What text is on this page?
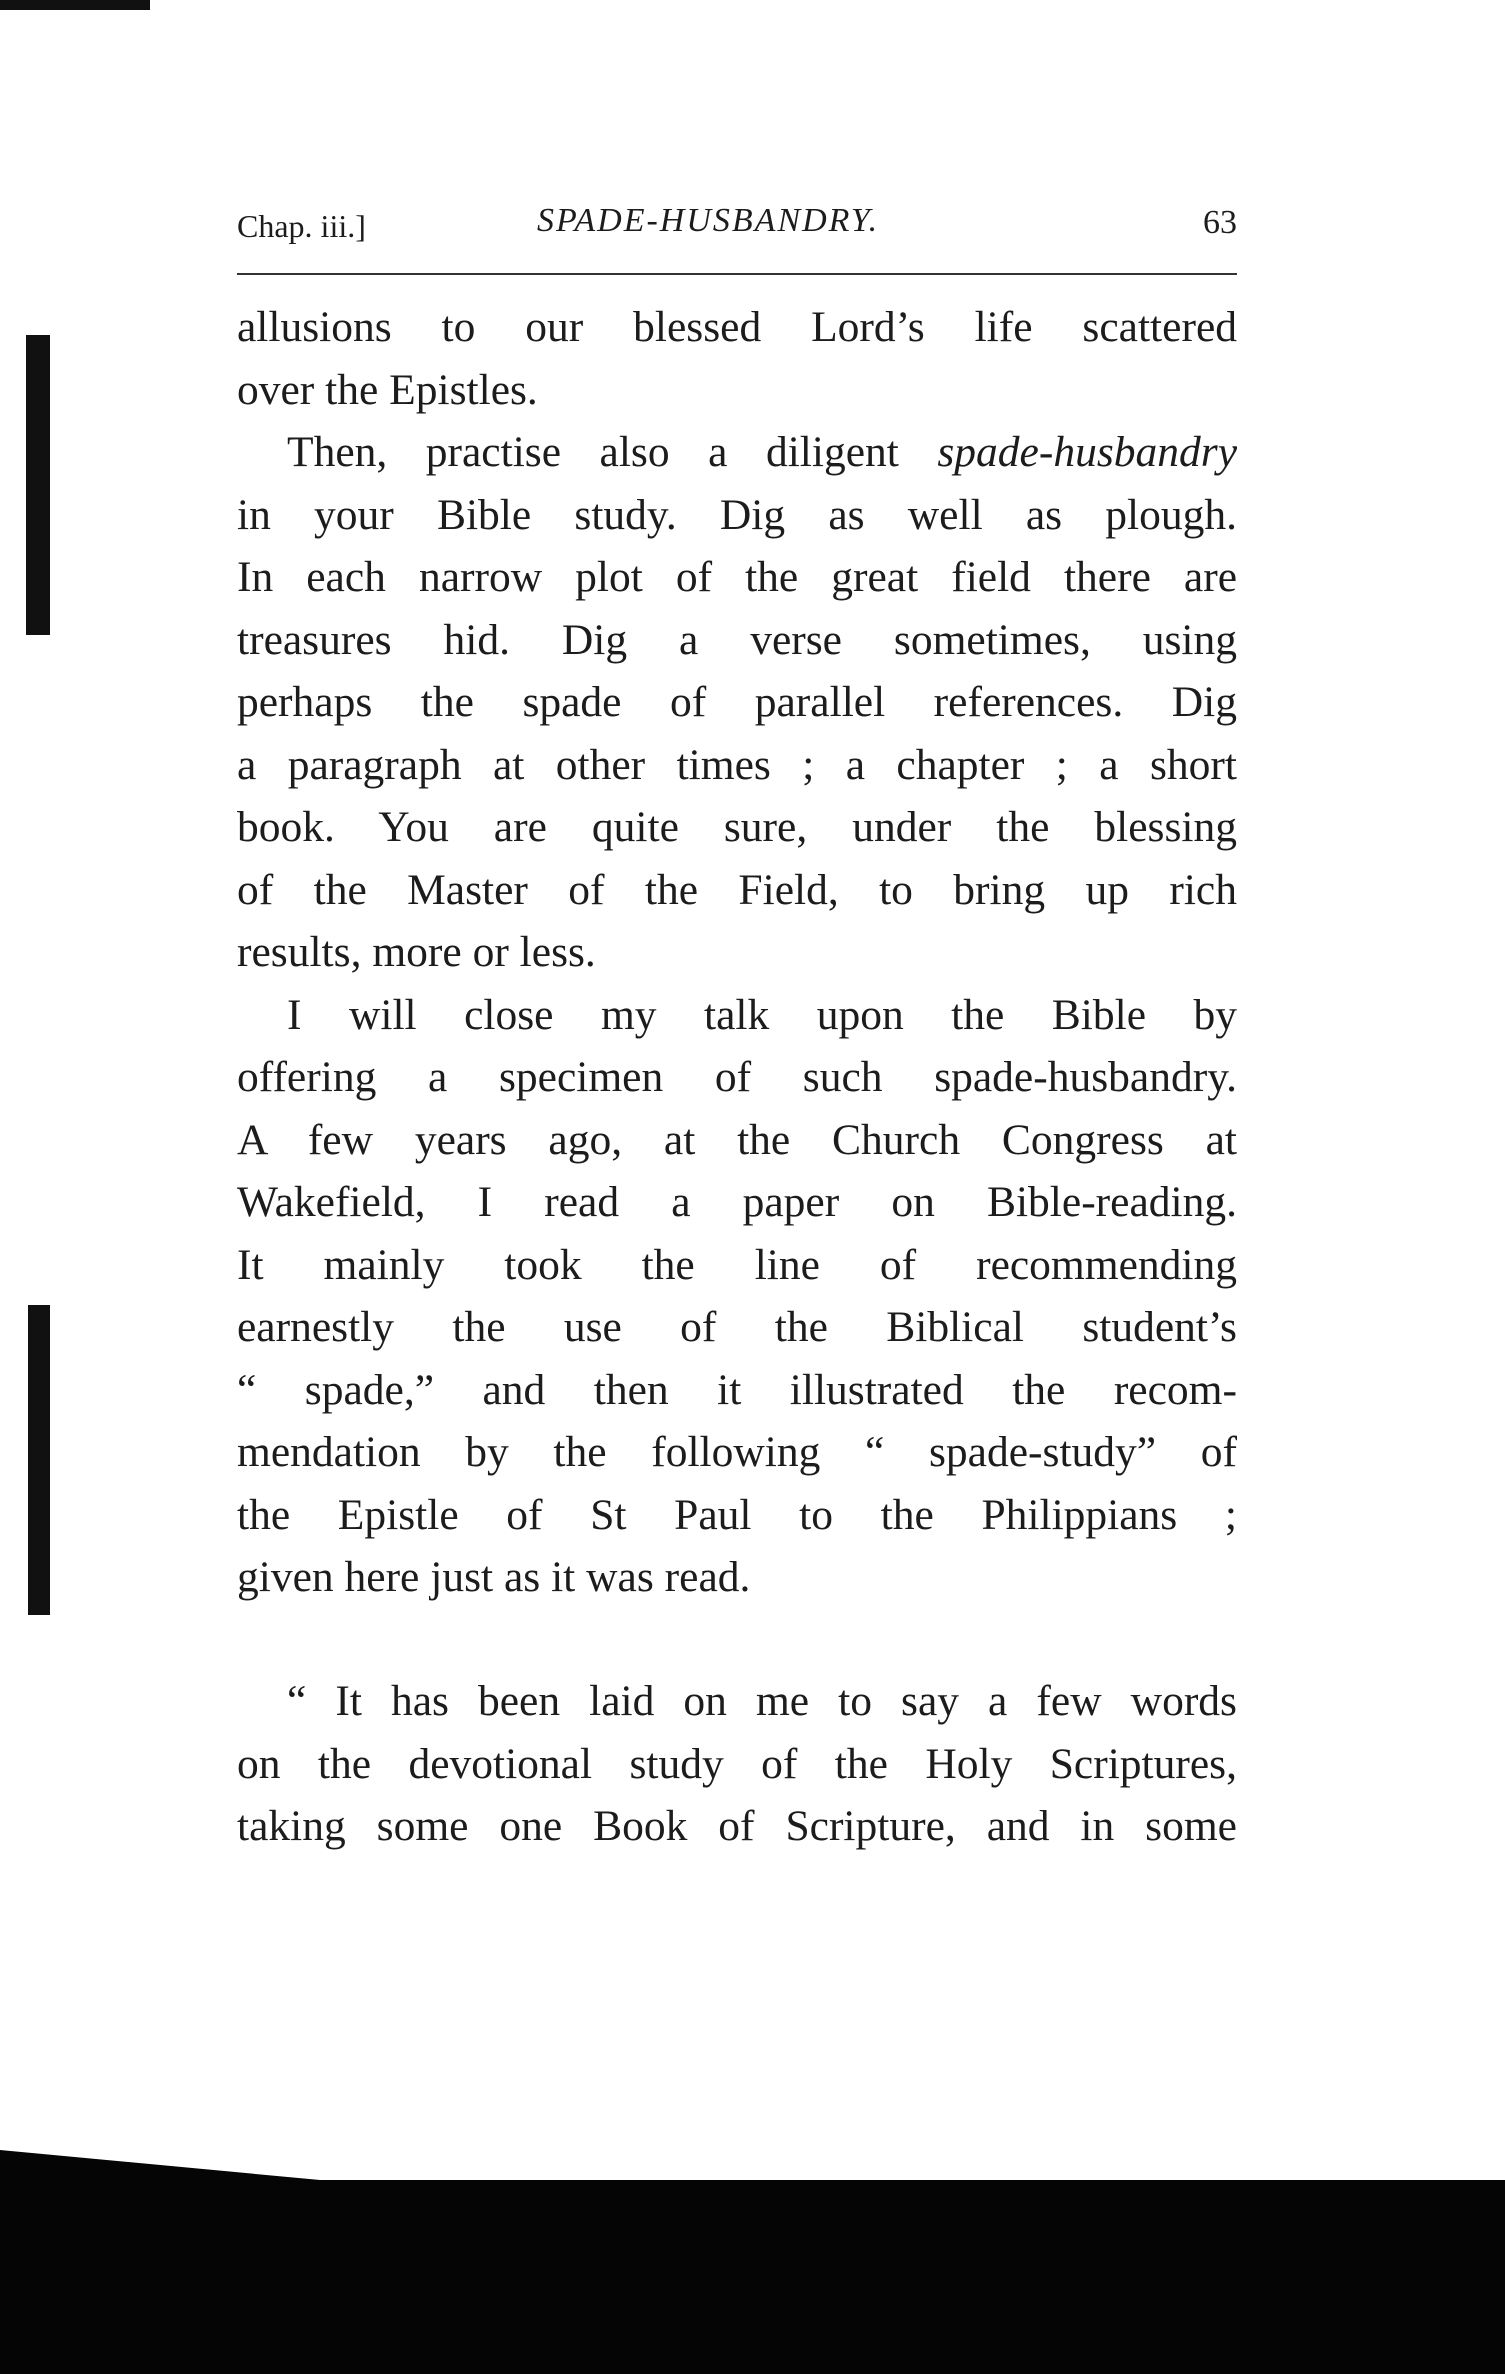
Chap. iii.]	SPADE-HUSBANDRY.	63
allusions to our blessed Lord’s life scattered
over the Epistles.
Then, practise also a diligent spade-husbandry
in your Bible study. Dig as well as plough.
In each narrow plot of the great field there are
treasures hid. Dig a verse sometimes, using
perhaps the spade of parallel references. Dig
a paragraph at other times ; a chapter ; a short
book. You are quite sure, under the blessing
of the Master of the Field, to bring up rich
results, more or less.
I will close my talk upon the Bible by
offering a specimen of such spade-husbandry.
A few years ago, at the Church Congress at
Wakefield, I read a paper on Bible-reading.
It mainly took the line of recommending
earnestly the use of the Biblical student’s
“ spade,” and then it illustrated the recom-
mendation by the following “ spade-study” of
the Epistle of St Paul to the Philippians ;
given here just as it was read.
“ It has been laid on me to say a few words
on the devotional study of the Holy Scriptures,
taking some one Book of Scripture, and in some
